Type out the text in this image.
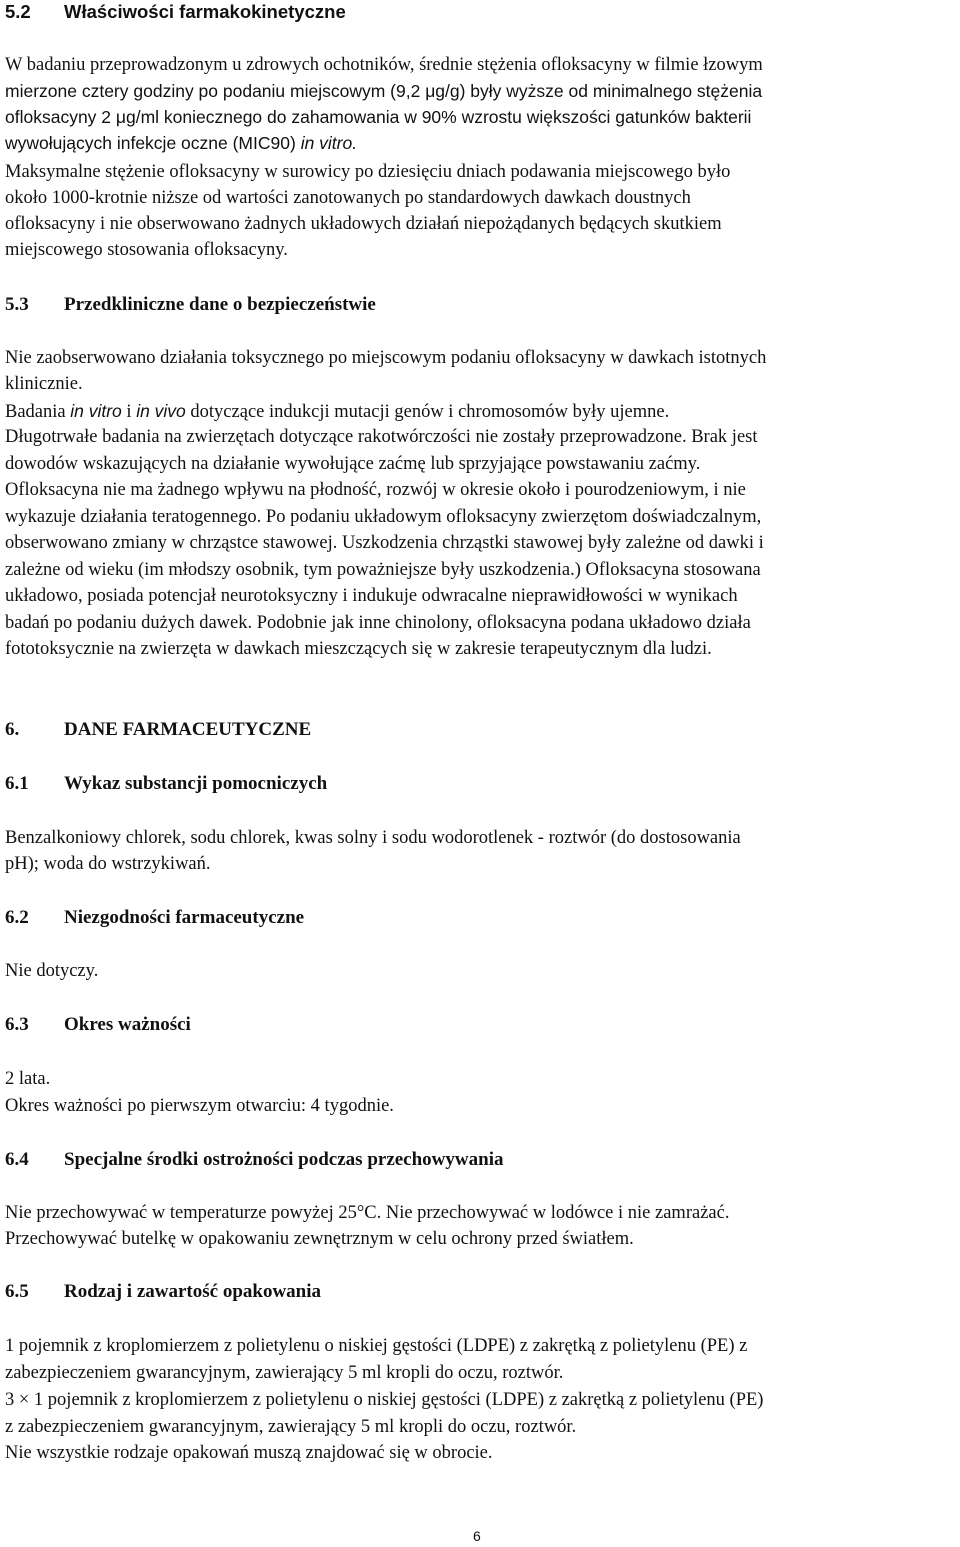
5.2 Właściwości farmakokinetyczne
W badaniu przeprowadzonym u zdrowych ochotników, średnie stężenia ofloksacyny w filmie łzowym
mierzone cztery godziny po podaniu miejscowym (9,2 μg/g) były wyższe od minimalnego stężenia
ofloksacyny 2 μg/ml koniecznego do zahamowania w 90% wzrostu większości gatunków bakterii
wywołujących infekcje oczne (MIC90) in vitro.
Maksymalne stężenie ofloksacyny w surowicy po dziesięciu dniach podawania miejscowego było
około 1000-krotnie niższe od wartości zanotowanych po standardowych dawkach doustnych
ofloksacyny i nie obserwowano żadnych układowych działań niepożądanych będących skutkiem
miejscowego stosowania ofloksacyny.
5.3 Przedkliniczne dane o bezpieczeństwie
Nie zaobserwowano działania toksycznego po miejscowym podaniu ofloksacyny w dawkach istotnych
klinicznie.
Badania in vitro i in vivo dotyczące indukcji mutacji genów i chromosomów były ujemne.
Długotrwałe badania na zwierzętach dotyczące rakotwórczości nie zostały przeprowadzone. Brak jest
dowodów wskazujących na działanie wywołujące zaćmę lub sprzyjające powstawaniu zaćmy.
Ofloksacyna nie ma żadnego wpływu na płodność, rozwój w okresie około i pourodzeniowym, i nie
wykazuje działania teratogennego. Po podaniu układowym ofloksacyny zwierzętom doświadczalnym,
obserwowano zmiany w chrząstce stawowej. Uszkodzenia chrząstki stawowej były zależne od dawki i
zależne od wieku (im młodszy osobnik, tym poważniejsze były uszkodzenia.) Ofloksacyna stosowana
układowo, posiada potencjał neurotoksyczny i indukuje odwracalne nieprawidłowości w wynikach
badań po podaniu dużych dawek. Podobnie jak inne chinolony, ofloksacyna podana układowo działa
fototoksycznie na zwierzęta w dawkach mieszczących się w zakresie terapeutycznym dla ludzi.
6. DANE FARMACEUTYCZNE
6.1 Wykaz substancji pomocniczych
Benzalkoniowy chlorek, sodu chlorek, kwas solny i sodu wodorotlenek - roztwór (do dostosowania
pH); woda do wstrzykiwań.
6.2 Niezgodności farmaceutyczne
Nie dotyczy.
6.3 Okres ważności
2 lata.
Okres ważności po pierwszym otwarciu: 4 tygodnie.
6.4 Specjalne środki ostrożności podczas przechowywania
Nie przechowywać w temperaturze powyżej 25°C. Nie przechowywać w lodówce i nie zamrażać.
Przechowywać butelkę w opakowaniu zewnętrznym w celu ochrony przed światłem.
6.5 Rodzaj i zawartość opakowania
1 pojemnik z kroplomierzem z polietylenu o niskiej gęstości (LDPE) z zakrętką z polietylenu (PE) z
zabezpieczeniem gwarancyjnym, zawierający 5 ml kropli do oczu, roztwór.
3 × 1 pojemnik z kroplomierzem z polietylenu o niskiej gęstości (LDPE) z zakrętką z polietylenu (PE)
z zabezpieczeniem gwarancyjnym, zawierający 5 ml kropli do oczu, roztwór.
Nie wszystkie rodzaje opakowań muszą znajdować się w obrocie.
6
